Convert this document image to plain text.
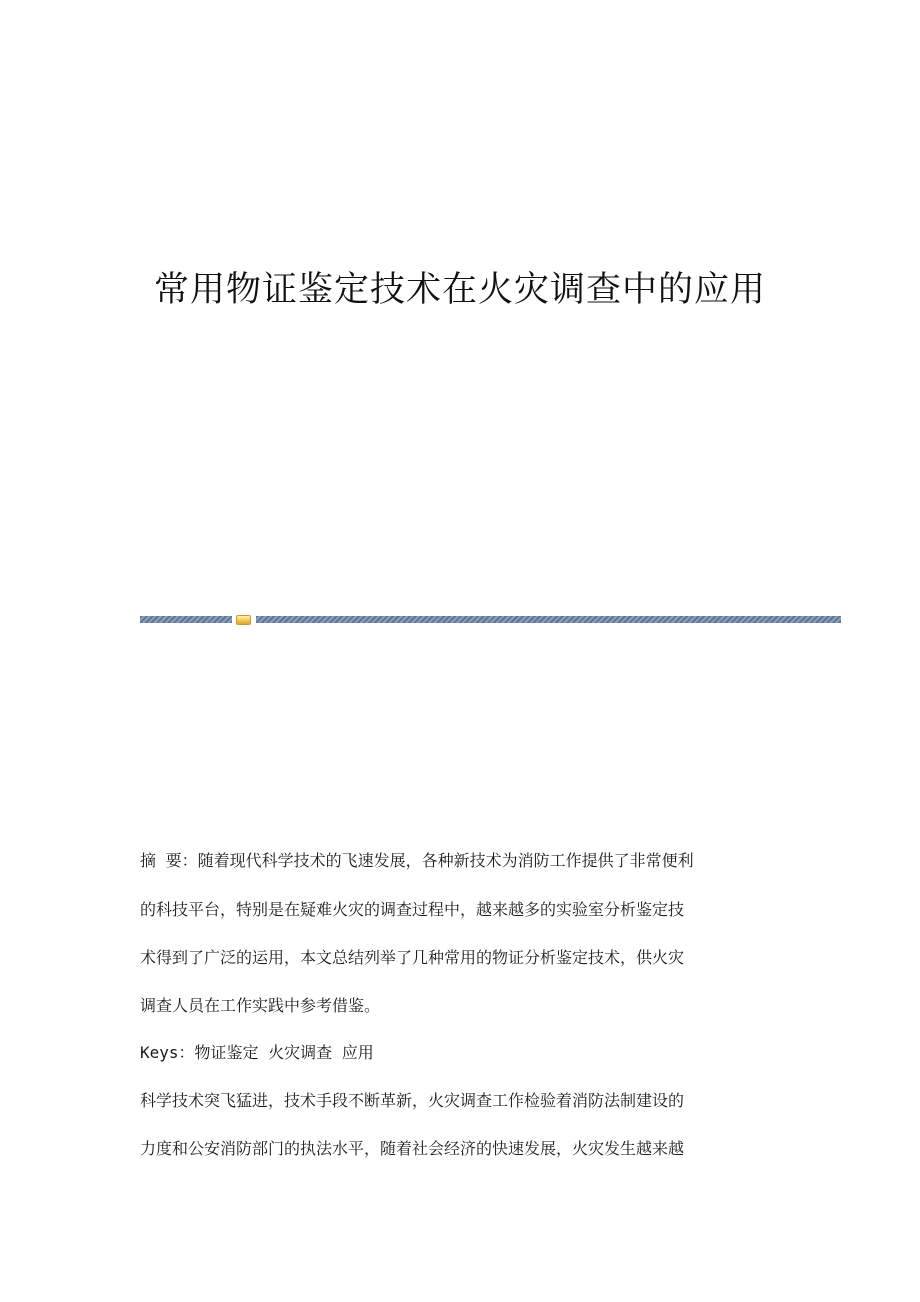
常用物证鉴定技术在火灾调查中的应用
摘 要：随着现代科学技术的飞速发展，各种新技术为消防工作提供了非常便利
的科技平台，特别是在疑难火灾的调查过程中，越来越多的实验室分析鉴定技
术得到了广泛的运用，本文总结列举了几种常用的物证分析鉴定技术，供火灾
调查人员在工作实践中参考借鉴。
Keys：物证鉴定 火灾调查 应用
科学技术突飞猛进，技术手段不断革新，火灾调查工作检验着消防法制建设的
力度和公安消防部门的执法水平，随着社会经济的快速发展，火灾发生越来越
